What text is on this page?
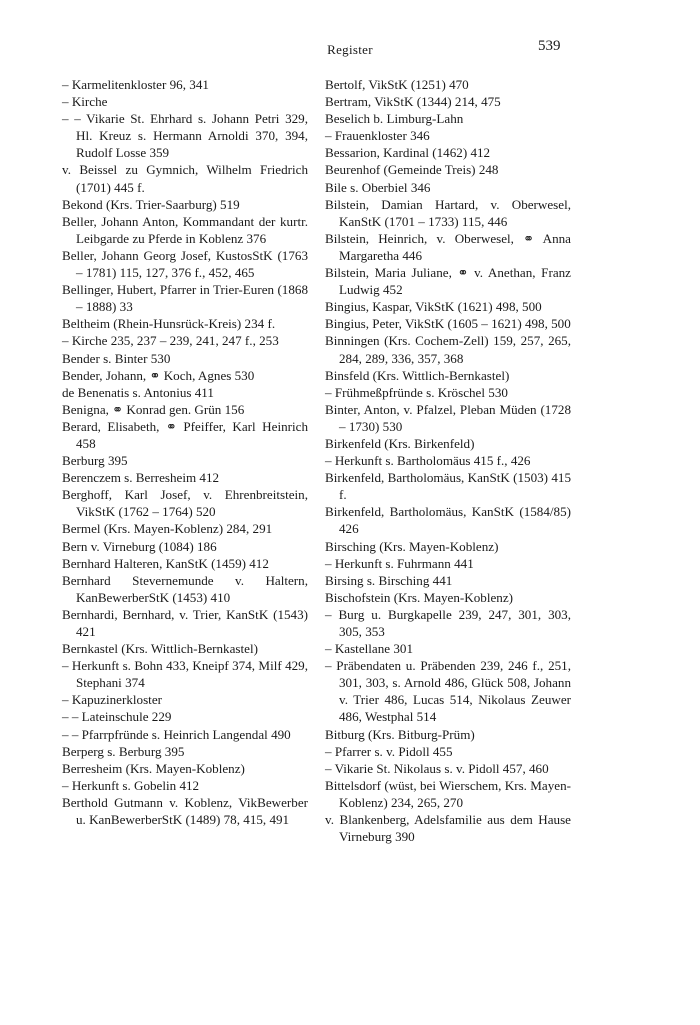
Register	539
– Karmelitenkloster 96, 341
– Kirche
– – Vikarie St. Ehrhard s. Johann Petri 329, Hl. Kreuz s. Hermann Arnoldi 370, 394, Rudolf Losse 359
v. Beissel zu Gymnich, Wilhelm Friedrich (1701) 445 f.
Bekond (Krs. Trier-Saarburg) 519
Beller, Johann Anton, Kommandant der kurtr. Leibgarde zu Pferde in Koblenz 376
Beller, Johann Georg Josef, KustosStK (1763 – 1781) 115, 127, 376 f., 452, 465
Bellinger, Hubert, Pfarrer in Trier-Euren (1868 – 1888) 33
Beltheim (Rhein-Hunsrück-Kreis) 234 f.
– Kirche 235, 237 – 239, 241, 247 f., 253
Bender s. Binter 530
Bender, Johann, ⚭ Koch, Agnes 530
de Benenatis s. Antonius 411
Benigna, ⚭ Konrad gen. Grün 156
Berard, Elisabeth, ⚭ Pfeiffer, Karl Heinrich 458
Berburg 395
Berenczem s. Berresheim 412
Berghoff, Karl Josef, v. Ehrenbreitstein, VikStK (1762 – 1764) 520
Bermel (Krs. Mayen-Koblenz) 284, 291
Bern v. Virneburg (1084) 186
Bernhard Halteren, KanStK (1459) 412
Bernhard Stevernemunde v. Haltern, KanBewerberStK (1453) 410
Bernhardi, Bernhard, v. Trier, KanStK (1543) 421
Bernkastel (Krs. Wittlich-Bernkastel)
– Herkunft s. Bohn 433, Kneipf 374, Milf 429, Stephani 374
– Kapuzinerkloster
– – Lateinschule 229
– – Pfarrpfründe s. Heinrich Langendal 490
Berperg s. Berburg 395
Berresheim (Krs. Mayen-Koblenz)
– Herkunft s. Gobelin 412
Berthold Gutmann v. Koblenz, VikBewerber u. KanBewerberStK (1489) 78, 415, 491
Bertolf, VikStK (1251) 470
Bertram, VikStK (1344) 214, 475
Beselich b. Limburg-Lahn
– Frauenkloster 346
Bessarion, Kardinal (1462) 412
Beurenhof (Gemeinde Treis) 248
Bile s. Oberbiel 346
Bilstein, Damian Hartard, v. Oberwesel, KanStK (1701 – 1733) 115, 446
Bilstein, Heinrich, v. Oberwesel, ⚭ Anna Margaretha 446
Bilstein, Maria Juliane, ⚭ v. Anethan, Franz Ludwig 452
Bingius, Kaspar, VikStK (1621) 498, 500
Bingius, Peter, VikStK (1605 – 1621) 498, 500
Binningen (Krs. Cochem-Zell) 159, 257, 265, 284, 289, 336, 357, 368
Binsfeld (Krs. Wittlich-Bernkastel)
– Frühmeßpfründe s. Kröschel 530
Binter, Anton, v. Pfalzel, Pleban Müden (1728 – 1730) 530
Birkenfeld (Krs. Birkenfeld)
– Herkunft s. Bartholomäus 415 f., 426
Birkenfeld, Bartholomäus, KanStK (1503) 415 f.
Birkenfeld, Bartholomäus, KanStK (1584/85) 426
Birsching (Krs. Mayen-Koblenz)
– Herkunft s. Fuhrmann 441
Birsing s. Birsching 441
Bischofstein (Krs. Mayen-Koblenz)
– Burg u. Burgkapelle 239, 247, 301, 303, 305, 353
– Kastellane 301
– Präbendaten u. Präbenden 239, 246 f., 251, 301, 303, s. Arnold 486, Glück 508, Johann v. Trier 486, Lucas 514, Nikolaus Zeuwer 486, Westphal 514
Bitburg (Krs. Bitburg-Prüm)
– Pfarrer s. v. Pidoll 455
– Vikarie St. Nikolaus s. v. Pidoll 457, 460
Bittelsdorf (wüst, bei Wierschem, Krs. Mayen-Koblenz) 234, 265, 270
v. Blankenberg, Adelsfamilie aus dem Hause Virneburg 390
